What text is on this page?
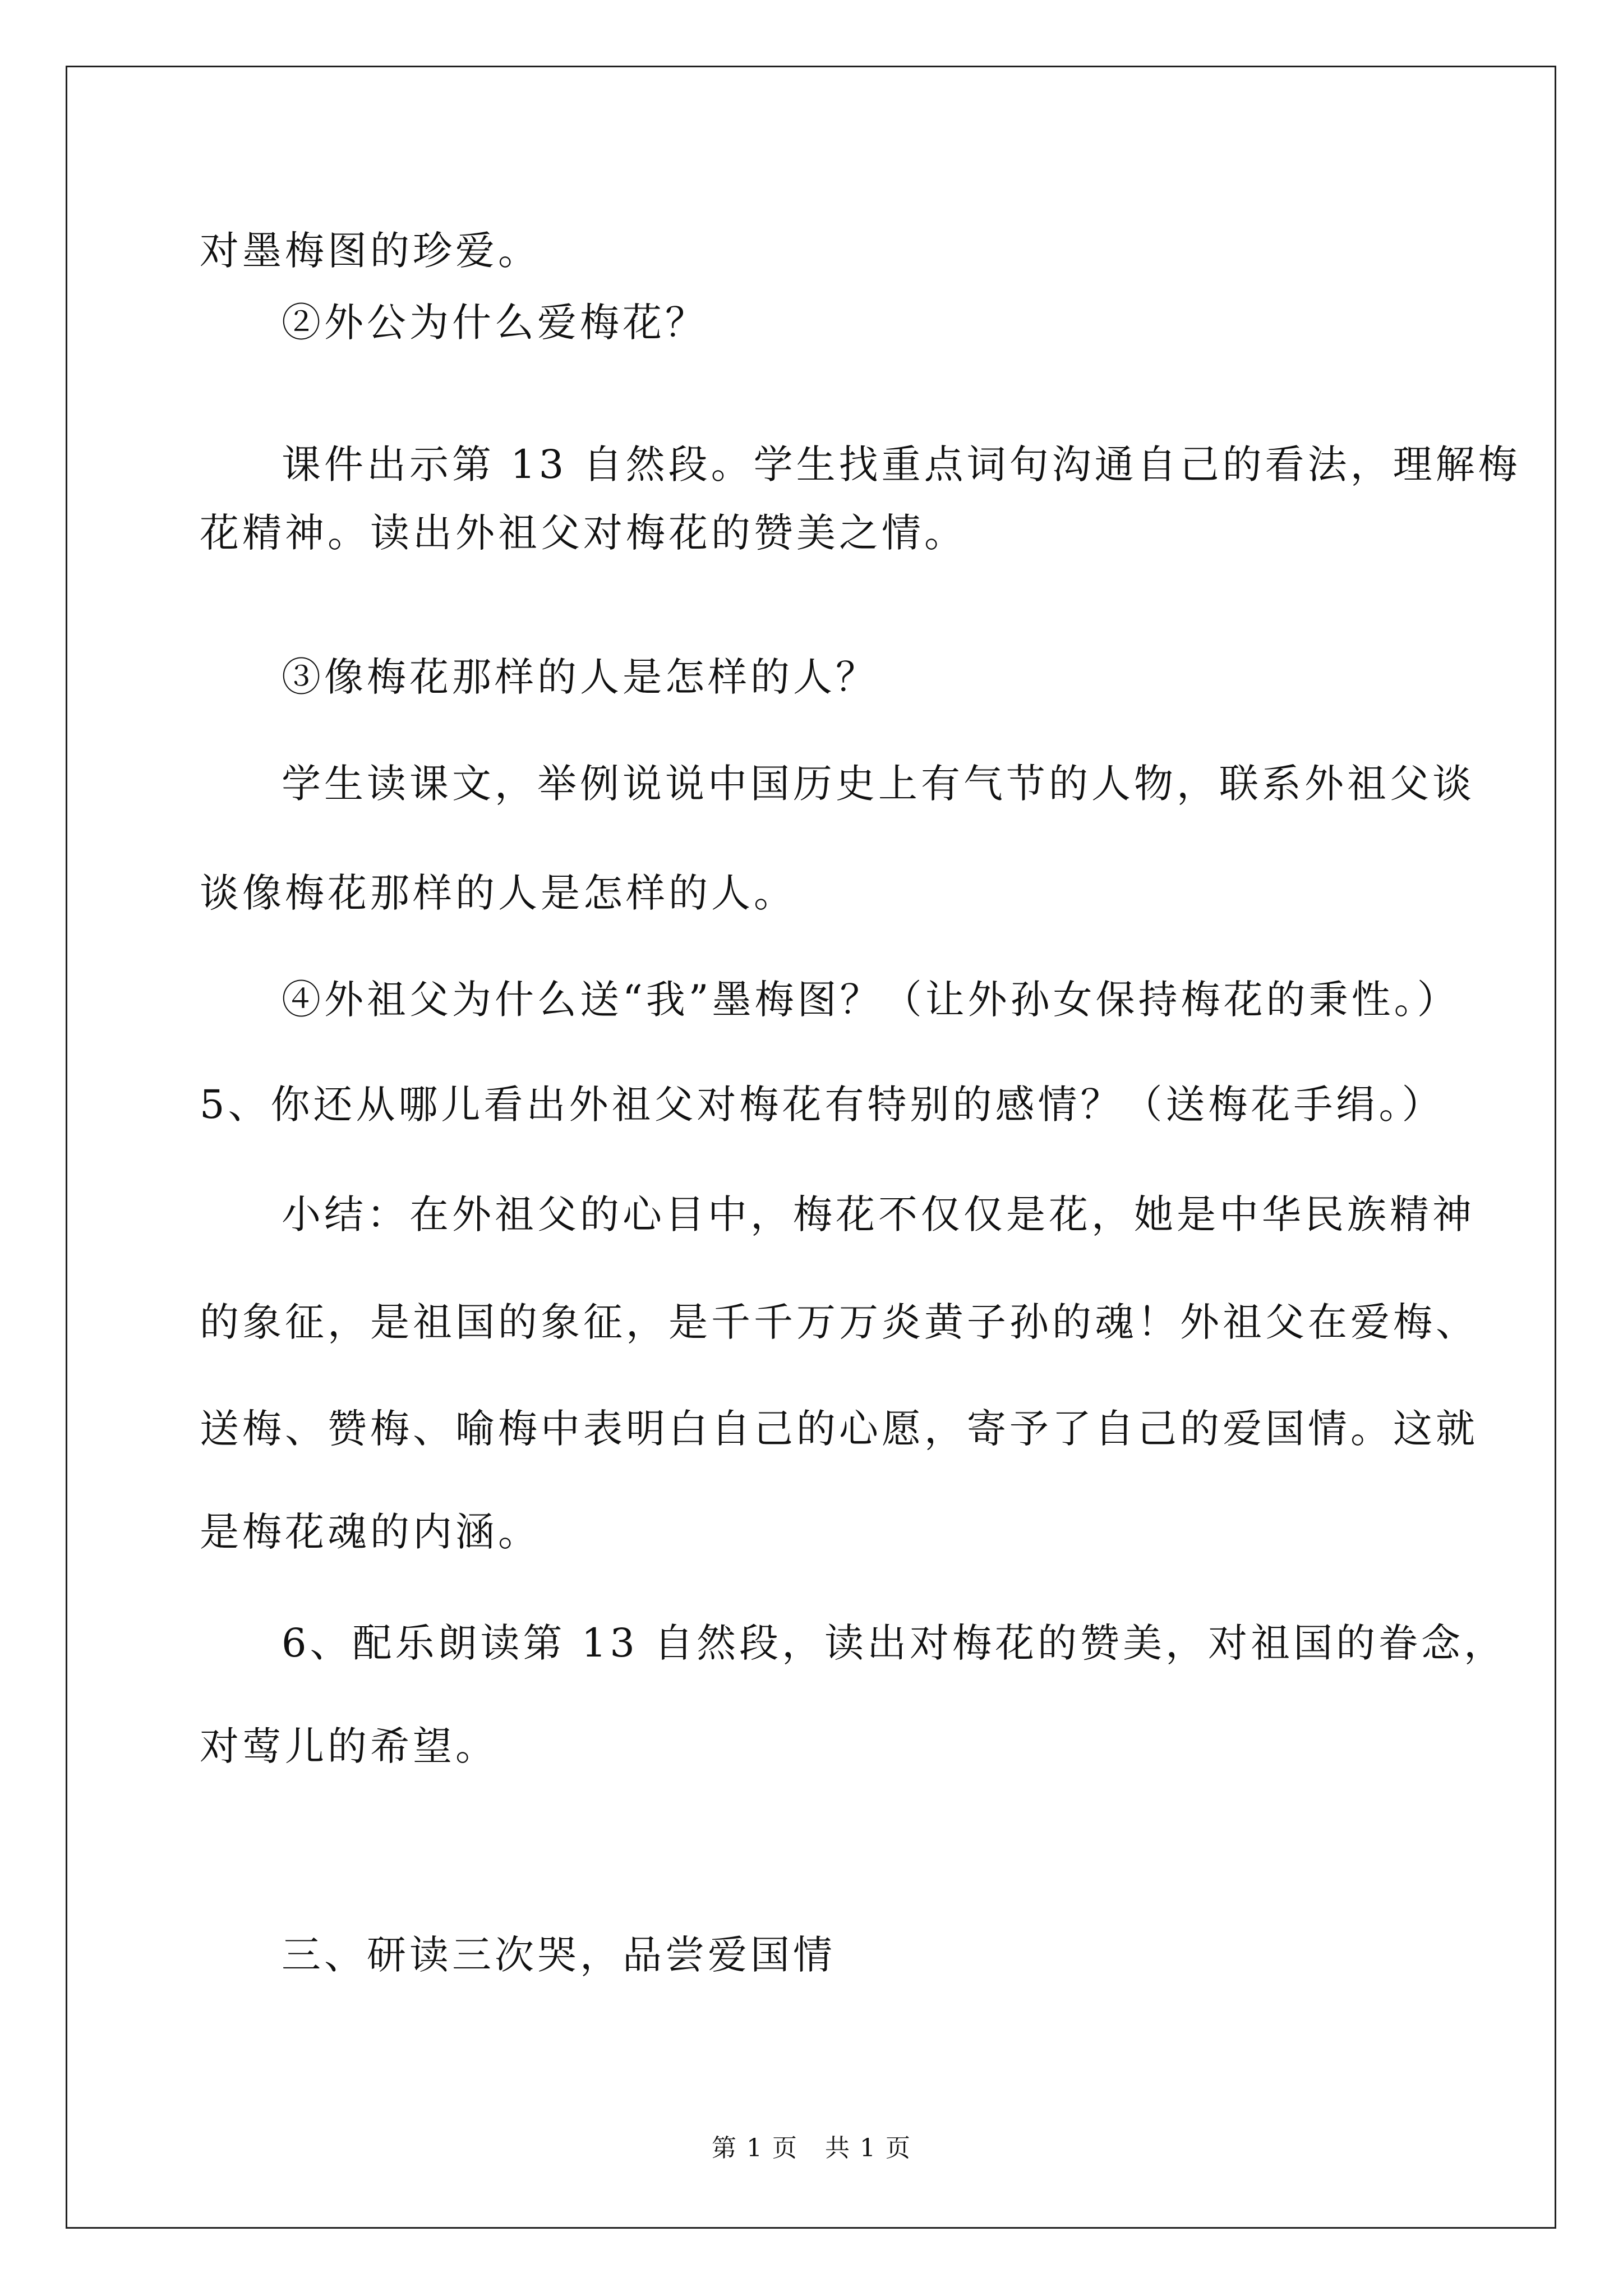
对墨梅图的珍爱。
②外公为什么爱梅花？
课件出示第 13 自然段。学生找重点词句沟通自己的看法，理解梅
花精神。读出外祖父对梅花的赞美之情。
③像梅花那样的人是怎样的人？
学生读课文，举例说说中国历史上有气节的人物，联系外祖父谈
谈像梅花那样的人是怎样的人。
④外祖父为什么送“我”墨梅图？（让外孙女保持梅花的秉性。）
5、你还从哪儿看出外祖父对梅花有特别的感情？（送梅花手绢。）
小结：在外祖父的心目中，梅花不仅仅是花，她是中华民族精神
的象征，是祖国的象征，是千千万万炎黄子孙的魂！外祖父在爱梅、
送梅、赞梅、喻梅中表明白自己的心愿，寄予了自己的爱国情。这就
是梅花魂的内涵。
6、配乐朗读第 13 自然段，读出对梅花的赞美，对祖国的眷念，
对莺儿的希望。
三、研读三次哭，品尝爱国情
第 1 页   共 1 页
